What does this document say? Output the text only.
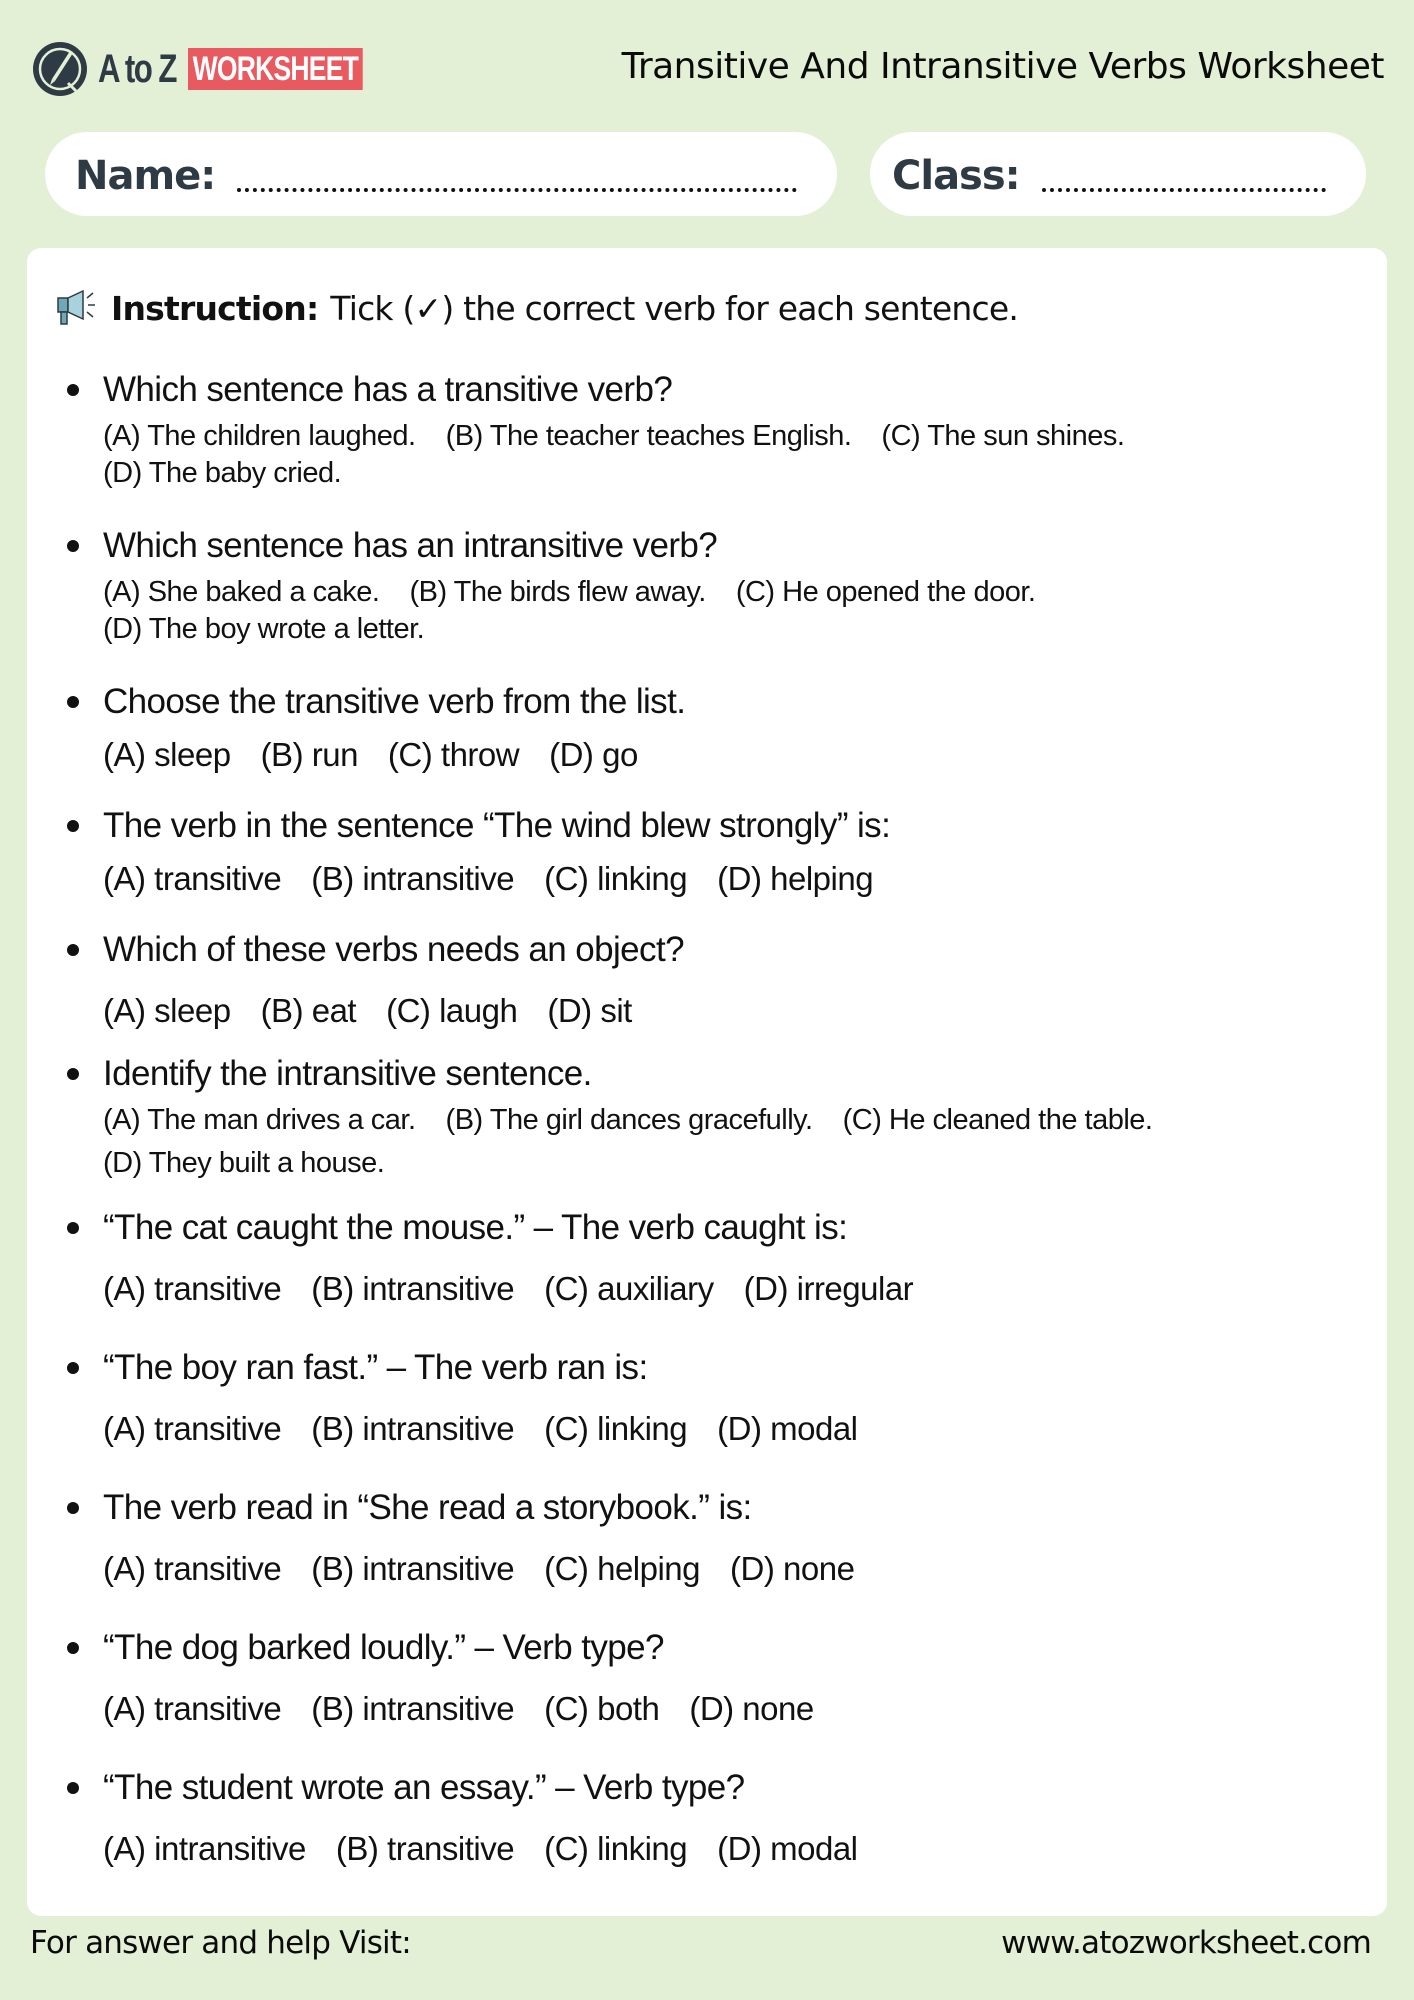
A to Z WORKSHEET	Transitive And Intransitive Verbs Worksheet
Name:	Class:
Instruction: Tick (✓) the correct verb for each sentence.
Which sentence has a transitive verb?
(A) The children laughed. (B) The teacher teaches English. (C) The sun shines.
(D) The baby cried.
Which sentence has an intransitive verb?
(A) She baked a cake. (B) The birds flew away. (C) He opened the door.
(D) The boy wrote a letter.
Choose the transitive verb from the list.
(A) sleep (B) run (C) throw (D) go
The verb in the sentence “The wind blew strongly” is:
(A) transitive (B) intransitive (C) linking (D) helping
Which of these verbs needs an object?
(A) sleep (B) eat (C) laugh (D) sit
Identify the intransitive sentence.
(A) The man drives a car. (B) The girl dances gracefully. (C) He cleaned the table.
(D) They built a house.
“The cat caught the mouse.” – The verb caught is:
(A) transitive (B) intransitive (C) auxiliary (D) irregular
“The boy ran fast.” – The verb ran is:
(A) transitive (B) intransitive (C) linking (D) modal
The verb read in “She read a storybook.” is:
(A) transitive (B) intransitive (C) helping (D) none
“The dog barked loudly.” – Verb type?
(A) transitive (B) intransitive (C) both (D) none
“The student wrote an essay.” – Verb type?
(A) intransitive (B) transitive (C) linking (D) modal
For answer and help Visit:	www.atozworksheet.com
